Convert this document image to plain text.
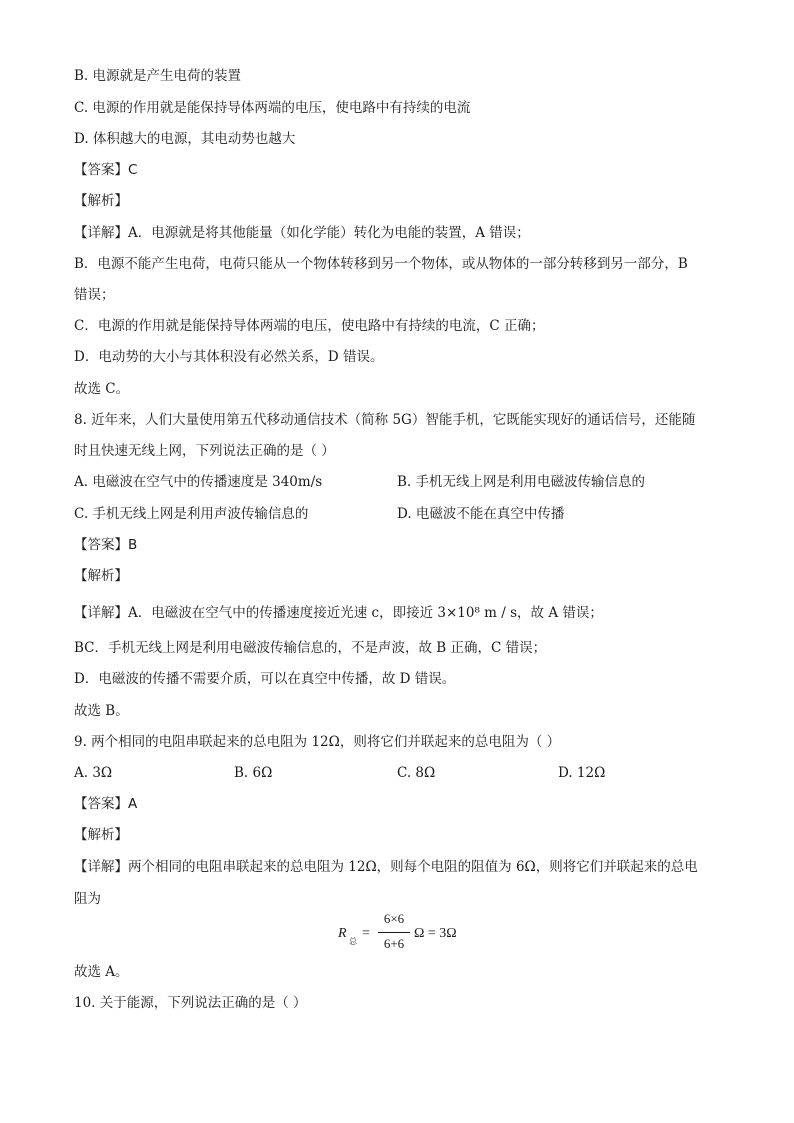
B. 电源就是产生电荷的装置
C. 电源的作用就是能保持导体两端的电压，使电路中有持续的电流
D. 体积越大的电源，其电动势也越大
【答案】C
【解析】
【详解】A．电源就是将其他能量（如化学能）转化为电能的装置，A 错误；
B．电源不能产生电荷，电荷只能从一个物体转移到另一个物体，或从物体的一部分转移到另一部分，B
错误；
C．电源的作用就是能保持导体两端的电压，使电路中有持续的电流，C 正确；
D．电动势的大小与其体积没有必然关系，D 错误。
故选 C。
8. 近年来，人们大量使用第五代移动通信技术（简称 5G）智能手机，它既能实现好的通话信号，还能随
时且快速无线上网，下列说法正确的是（ ）
A. 电磁波在空气中的传播速度是 340m/s	B. 手机无线上网是利用电磁波传输信息的
C. 手机无线上网是利用声波传输信息的	D. 电磁波不能在真空中传播
【答案】B
【解析】
【详解】A．电磁波在空气中的传播速度接近光速 c，即接近 3×10⁸ m / s，故 A 错误；
BC．手机无线上网是利用电磁波传输信息的，不是声波，故 B 正确，C 错误；
D．电磁波的传播不需要介质，可以在真空中传播，故 D 错误。
故选 B。
9. 两个相同的电阻串联起来的总电阻为 12Ω，则将它们并联起来的总电阻为（ ）
A. 3Ω	B. 6Ω	C. 8Ω	D. 12Ω
【答案】A
【解析】
【详解】两个相同的电阻串联起来的总电阻为 12Ω，则每个电阻的阻值为 6Ω，则将它们并联起来的总电
阻为
R
总
=
6×6
6+6
Ω = 3Ω
故选 A。
10. 关于能源，下列说法正确的是（ ）
